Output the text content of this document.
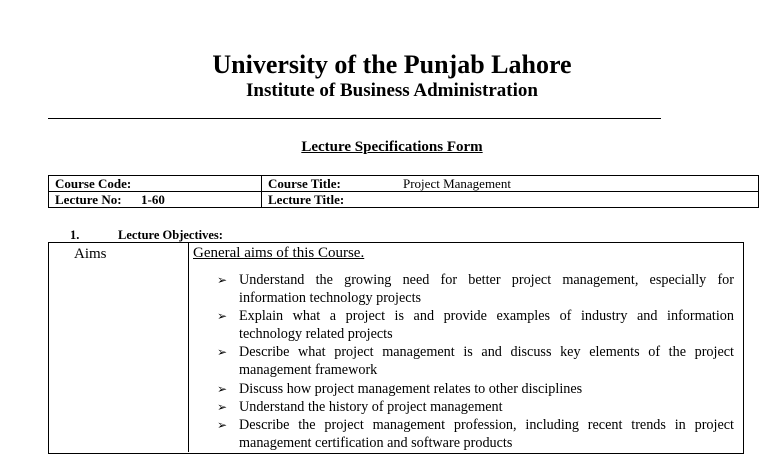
University of the Punjab Lahore
Institute of Business Administration
Lecture Specifications Form
Course Code:	Course Title: Project Management
Lecture No: 1-60	Lecture Title:
1.	Lecture Objectives:
Aims	General aims of this Course.
➢ Understand the growing need for better project management, especially for information technology projects
➢ Explain what a project is and provide examples of industry and information technology related projects
➢ Describe what project management is and discuss key elements of the project management framework
➢ Discuss how project management relates to other disciplines
➢ Understand the history of project management
➢ Describe the project management profession, including recent trends in project management certification and software products
